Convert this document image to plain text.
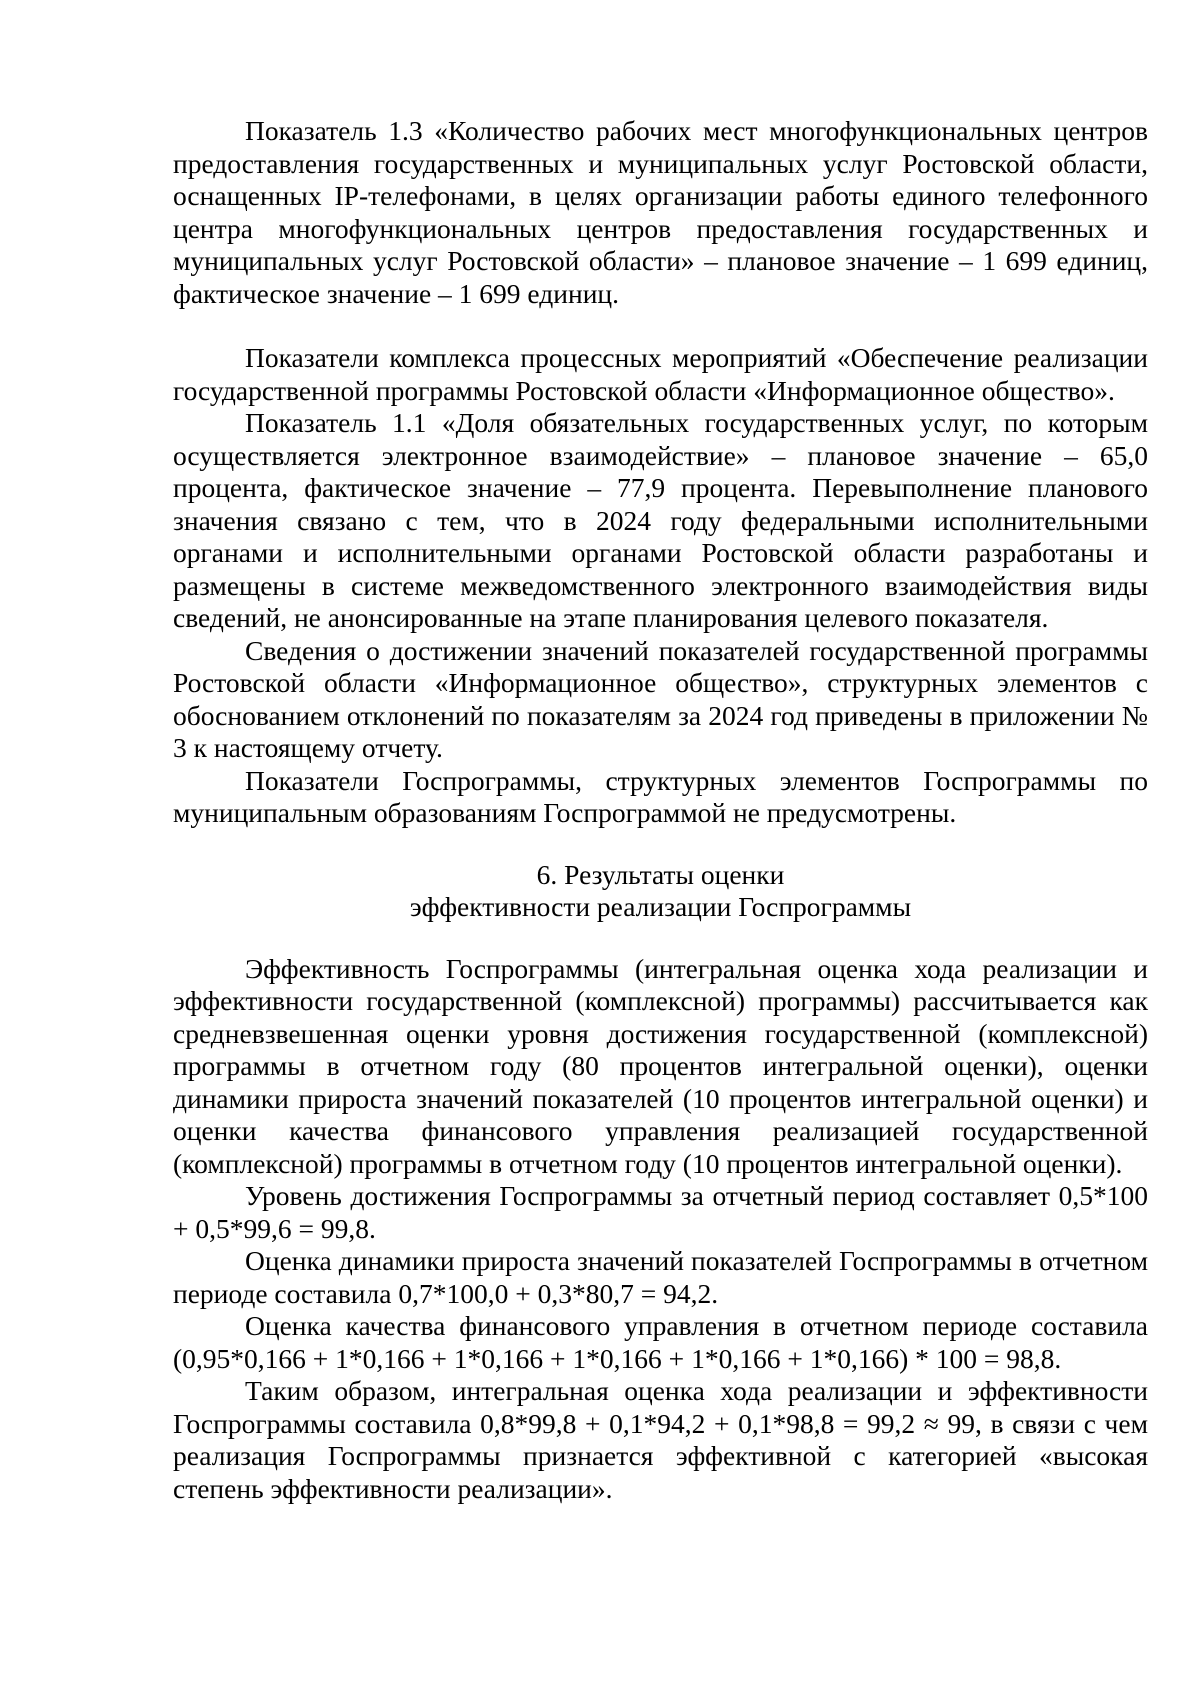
Показатель 1.3 «Количество рабочих мест многофункциональных центров предоставления государственных и муниципальных услуг Ростовской области, оснащенных IP-телефонами, в целях организации работы единого телефонного центра многофункциональных центров предоставления государственных и муниципальных услуг Ростовской области» – плановое значение – 1 699 единиц, фактическое значение – 1 699 единиц.

Показатели комплекса процессных мероприятий «Обеспечение реализации государственной программы Ростовской области «Информационное общество».

Показатель 1.1 «Доля обязательных государственных услуг, по которым осуществляется электронное взаимодействие» – плановое значение – 65,0 процента, фактическое значение – 77,9 процента. Перевыполнение планового значения связано с тем, что в 2024 году федеральными исполнительными органами и исполнительными органами Ростовской области разработаны и размещены в системе межведомственного электронного взаимодействия виды сведений, не анонсированные на этапе планирования целевого показателя.

Сведения о достижении значений показателей государственной программы Ростовской области «Информационное общество», структурных элементов с обоснованием отклонений по показателям за 2024 год приведены в приложении № 3 к настоящему отчету.

Показатели Госпрограммы, структурных элементов Госпрограммы по муниципальным образованиям Госпрограммой не предусмотрены.

6. Результаты оценки
эффективности реализации Госпрограммы

Эффективность Госпрограммы (интегральная оценка хода реализации и эффективности государственной (комплексной) программы) рассчитывается как средневзвешенная оценки уровня достижения государственной (комплексной) программы в отчетном году (80 процентов интегральной оценки), оценки динамики прироста значений показателей (10 процентов интегральной оценки) и оценки качества финансового управления реализацией государственной (комплексной) программы в отчетном году (10 процентов интегральной оценки).

Уровень достижения Госпрограммы за отчетный период составляет 0,5*100 + 0,5*99,6 = 99,8.

Оценка динамики прироста значений показателей Госпрограммы в отчетном периоде составила 0,7*100,0 + 0,3*80,7 = 94,2.

Оценка качества финансового управления в отчетном периоде составила (0,95*0,166 + 1*0,166 + 1*0,166 + 1*0,166 + 1*0,166 + 1*0,166) * 100 = 98,8.

Таким образом, интегральная оценка хода реализации и эффективности Госпрограммы составила 0,8*99,8 + 0,1*94,2 + 0,1*98,8 = 99,2 ≈ 99, в связи с чем реализация Госпрограммы признается эффективной с категорией «высокая степень эффективности реализации».
